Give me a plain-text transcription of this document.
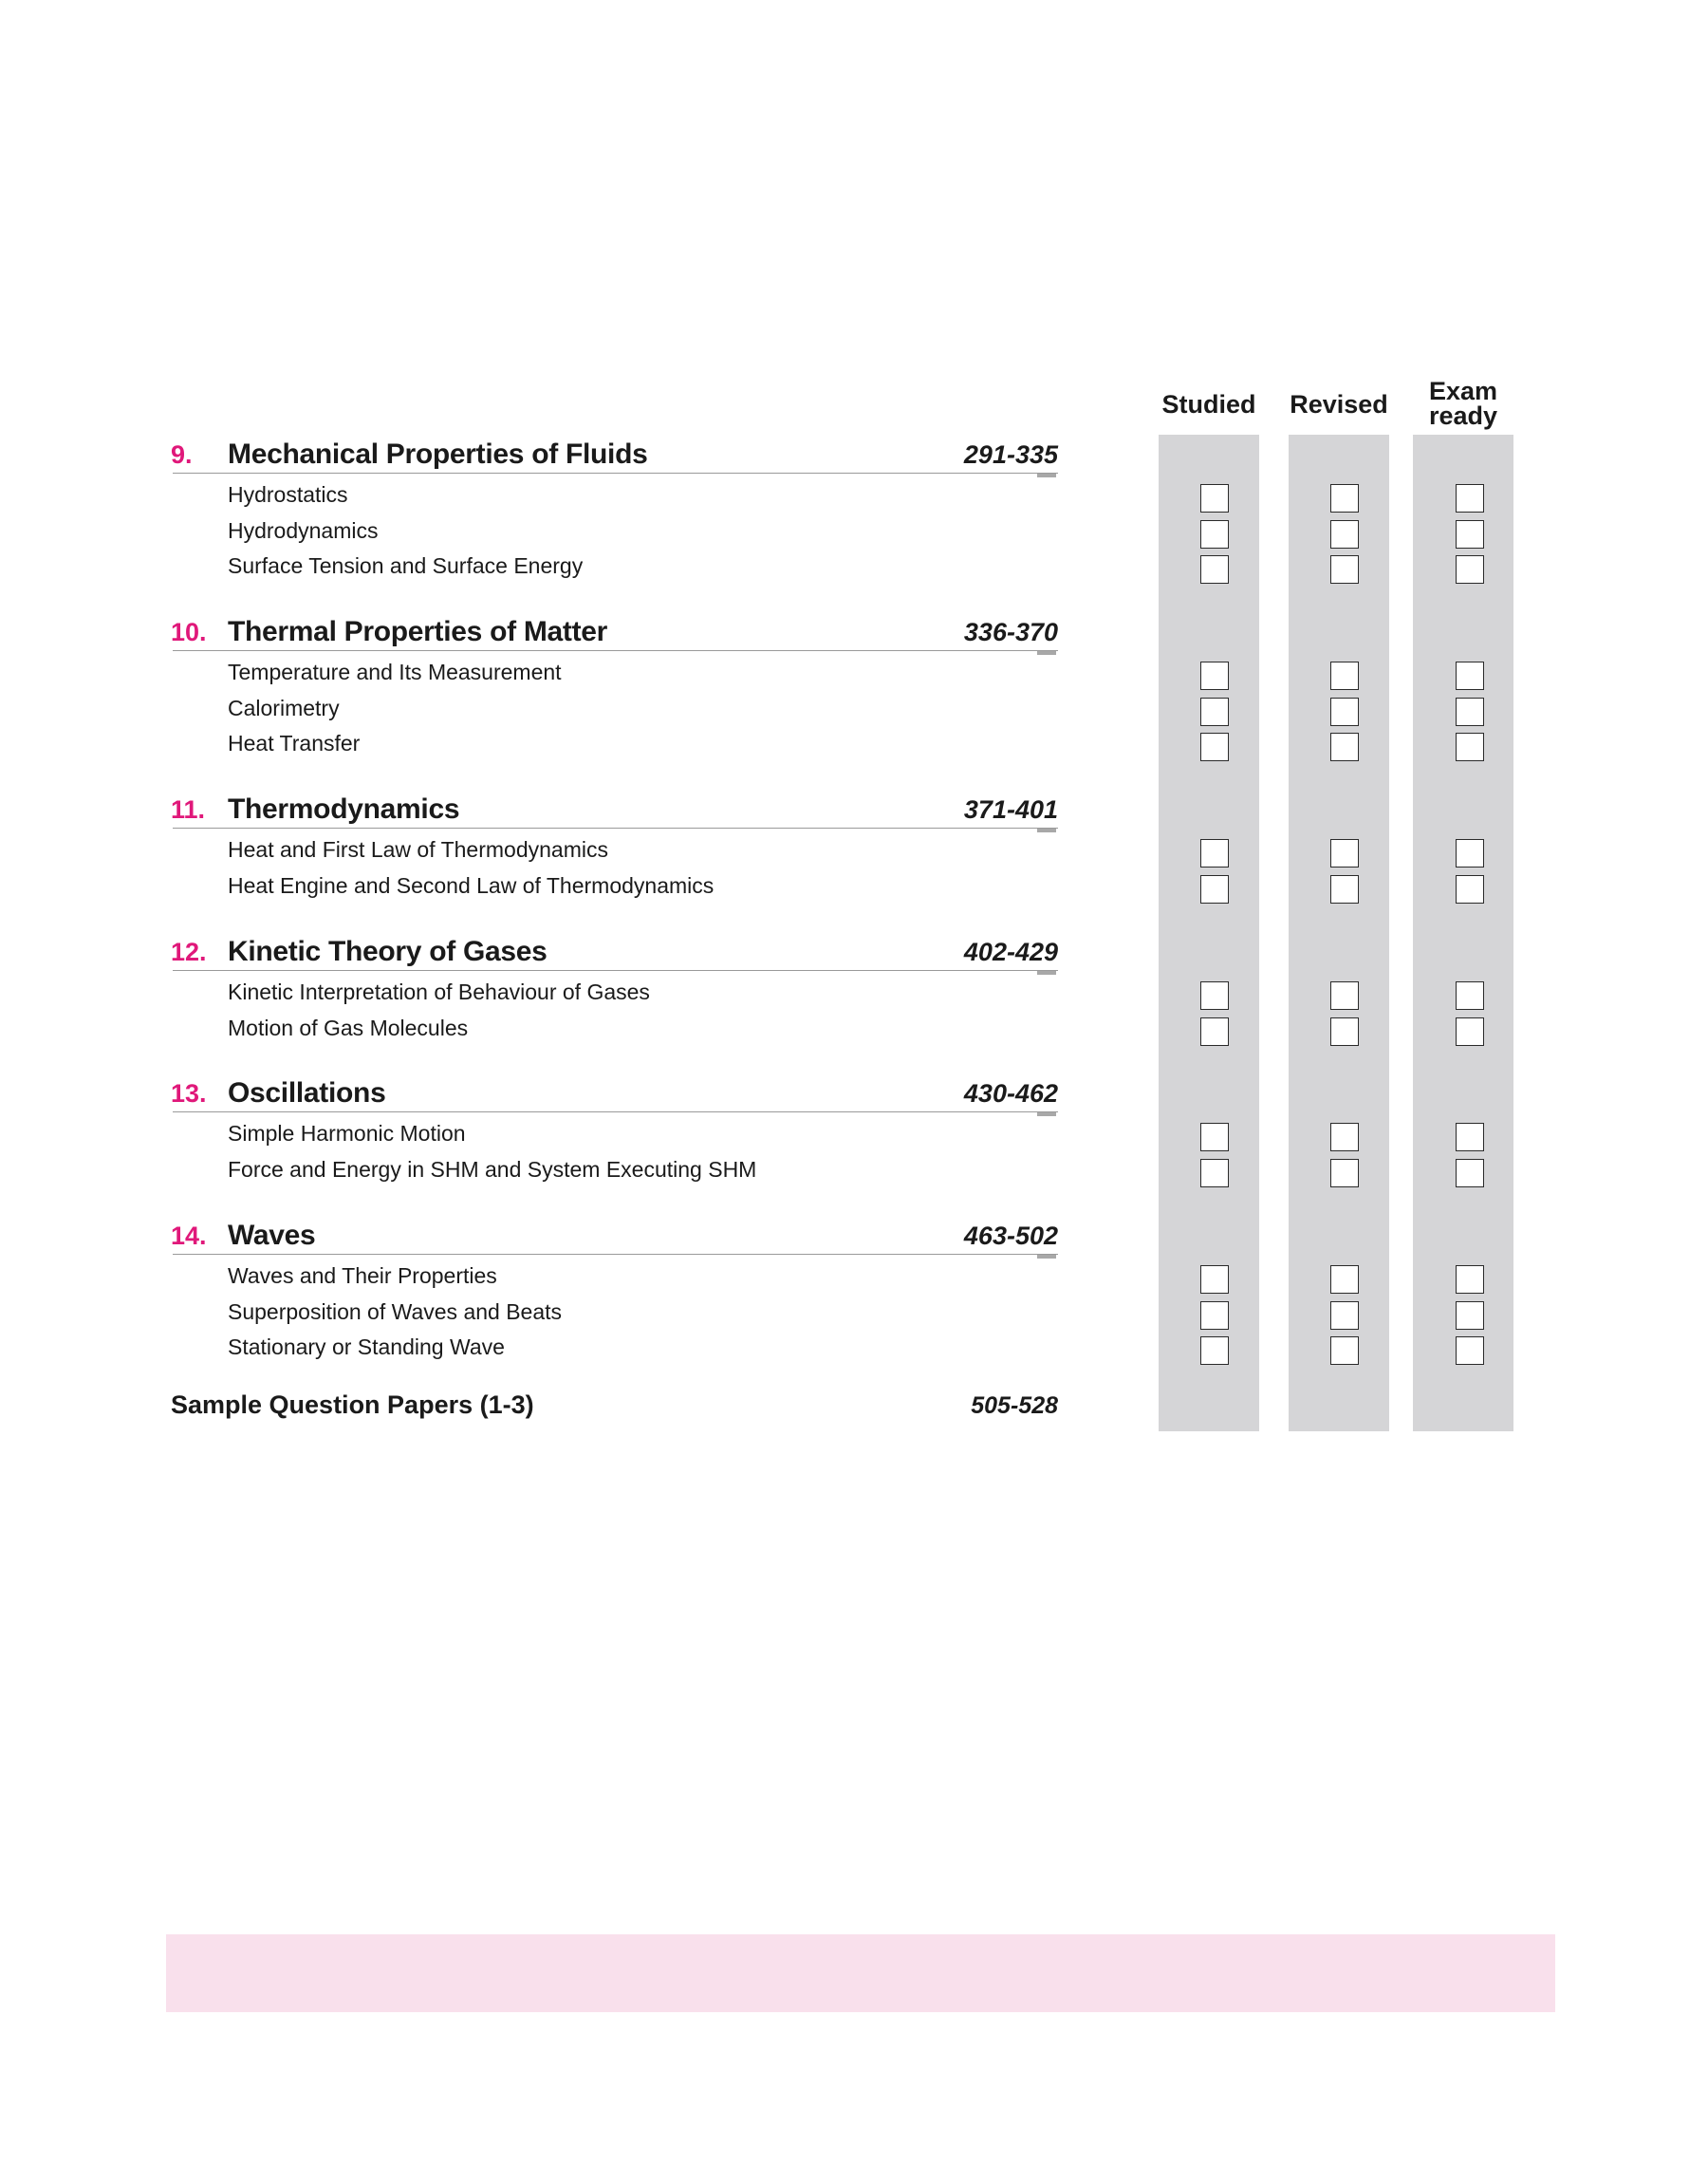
Studied	Revised	Exam
ready
9. Mechanical Properties of Fluids	291-335
Hydrostatics
Hydrodynamics
Surface Tension and Surface Energy
10. Thermal Properties of Matter	336-370
Temperature and Its Measurement
Calorimetry
Heat Transfer
11. Thermodynamics	371-401
Heat and First Law of Thermodynamics
Heat Engine and Second Law of Thermodynamics
12. Kinetic Theory of Gases	402-429
Kinetic Interpretation of Behaviour of Gases
Motion of Gas Molecules
13. Oscillations	430-462
Simple Harmonic Motion
Force and Energy in SHM and System Executing SHM
14. Waves	463-502
Waves and Their Properties
Superposition of Waves and Beats
Stationary or Standing Wave
Sample Question Papers (1-3)	505-528
